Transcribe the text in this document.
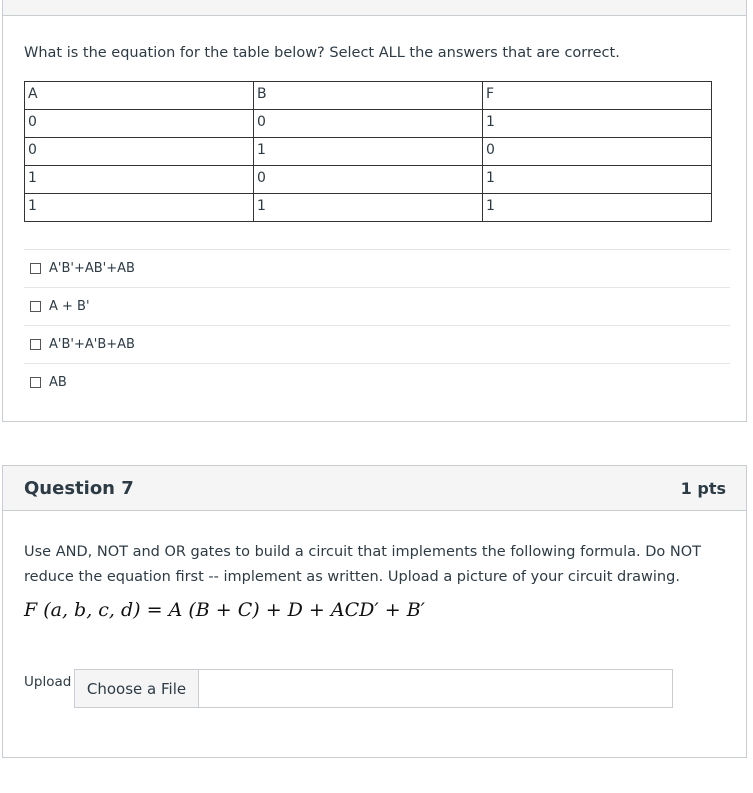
What is the equation for the table below? Select ALL the answers that are correct.
A	B	F
0	0	1
0	1	0
1	0	1
1	1	1
A'B'+AB'+AB
A + B'
A'B'+A'B+AB
AB
Question 7	1 pts
Use AND, NOT and OR gates to build a circuit that implements the following formula. Do NOT reduce the equation first -- implement as written. Upload a picture of your circuit drawing.
F (a, b, c, d) = A (B + C) + D + ACD′ + B′
Upload	Choose a File
